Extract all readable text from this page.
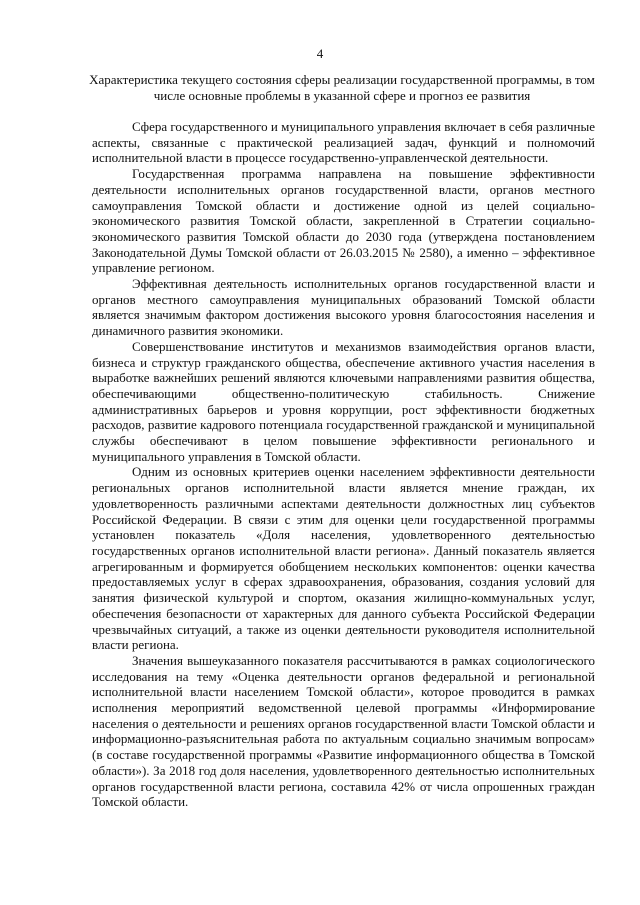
4
Характеристика текущего состояния сферы реализации государственной программы, в том числе основные проблемы в указанной сфере и прогноз ее развития

Сфера государственного и муниципального управления включает в себя различные аспекты, связанные с практической реализацией задач, функций и полномочий исполнительной власти в процессе государственно-управленческой деятельности.

Государственная программа направлена на повышение эффективности деятельности исполнительных органов государственной власти, органов местного самоуправления Томской области и достижение одной из целей социально-экономического развития Томской области, закрепленной в Стратегии социально-экономического развития Томской области до 2030 года (утверждена постановлением Законодательной Думы Томской области от 26.03.2015 № 2580), а именно – эффективное управление регионом.

Эффективная деятельность исполнительных органов государственной власти и органов местного самоуправления муниципальных образований Томской области является значимым фактором достижения высокого уровня благосостояния населения и динамичного развития экономики.

Совершенствование институтов и механизмов взаимодействия органов власти, бизнеса и структур гражданского общества, обеспечение активного участия населения в выработке важнейших решений являются ключевыми направлениями развития общества, обеспечивающими общественно-политическую стабильность. Снижение административных барьеров и уровня коррупции, рост эффективности бюджетных расходов, развитие кадрового потенциала государственной гражданской и муниципальной службы обеспечивают в целом повышение эффективности регионального и муниципального управления в Томской области.

Одним из основных критериев оценки населением эффективности деятельности региональных органов исполнительной власти является мнение граждан, их удовлетворенность различными аспектами деятельности должностных лиц субъектов Российской Федерации. В связи с этим для оценки цели государственной программы установлен показатель «Доля населения, удовлетворенного деятельностью государственных органов исполнительной власти региона». Данный показатель является агрегированным и формируется обобщением нескольких компонентов: оценки качества предоставляемых услуг в сферах здравоохранения, образования, создания условий для занятия физической культурой и спортом, оказания жилищно-коммунальных услуг, обеспечения безопасности от характерных для данного субъекта Российской Федерации чрезвычайных ситуаций, а также из оценки деятельности руководителя исполнительной власти региона.

Значения вышеуказанного показателя рассчитываются в рамках социологического исследования на тему «Оценка деятельности органов федеральной и региональной исполнительной власти населением Томской области», которое проводится в рамках исполнения мероприятий ведомственной целевой программы «Информирование населения о деятельности и решениях органов государственной власти Томской области и информационно-разъяснительная работа по актуальным социально значимым вопросам» (в составе государственной программы «Развитие информационного общества в Томской области»). За 2018 год доля населения, удовлетворенного деятельностью исполнительных органов государственной власти региона, составила 42% от числа опрошенных граждан Томской области.
